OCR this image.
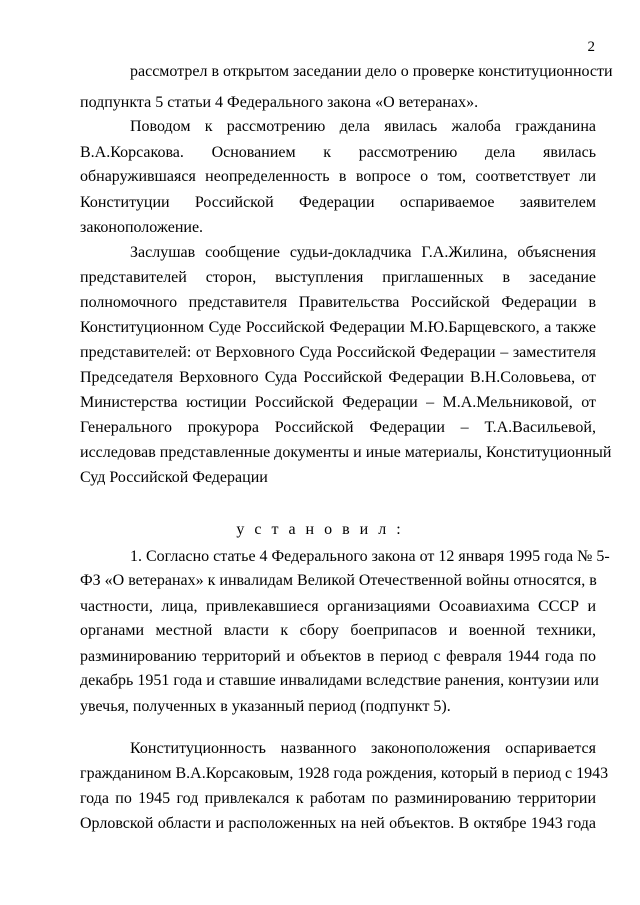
2
рассмотрел в открытом заседании дело о проверке конституционности
подпункта 5 статьи 4 Федерального закона «О ветеранах».
Поводом к рассмотрению дела явилась жалоба гражданина
В.А.Корсакова. Основанием к рассмотрению дела явилась
обнаружившаяся неопределенность в вопросе о том, соответствует ли
Конституции Российской Федерации оспариваемое заявителем
законоположение.
Заслушав сообщение судьи-докладчика Г.А.Жилина, объяснения
представителей сторон, выступления приглашенных в заседание
полномочного представителя Правительства Российской Федерации в
Конституционном Суде Российской Федерации М.Ю.Барщевского, а также
представителей: от Верховного Суда Российской Федерации – заместителя
Председателя Верховного Суда Российской Федерации В.Н.Соловьева, от
Министерства юстиции Российской Федерации – М.А.Мельниковой, от
Генерального прокурора Российской Федерации – Т.А.Васильевой,
исследовав представленные документы и иные материалы, Конституционный
Суд Российской Федерации
у с т а н о в и л :
1. Согласно статье 4 Федерального закона от 12 января 1995 года № 5-
ФЗ «О ветеранах» к инвалидам Великой Отечественной войны относятся, в
частности, лица, привлекавшиеся организациями Осоавиахима СССР и
органами местной власти к сбору боеприпасов и военной техники,
разминированию территорий и объектов в период с февраля 1944 года по
декабрь 1951 года и ставшие инвалидами вследствие ранения, контузии или
увечья, полученных в указанный период (подпункт 5).
Конституционность названного законоположения оспаривается
гражданином В.А.Корсаковым, 1928 года рождения, который в период с 1943
года по 1945 год привлекался к работам по разминированию территории
Орловской области и расположенных на ней объектов. В октябре 1943 года
